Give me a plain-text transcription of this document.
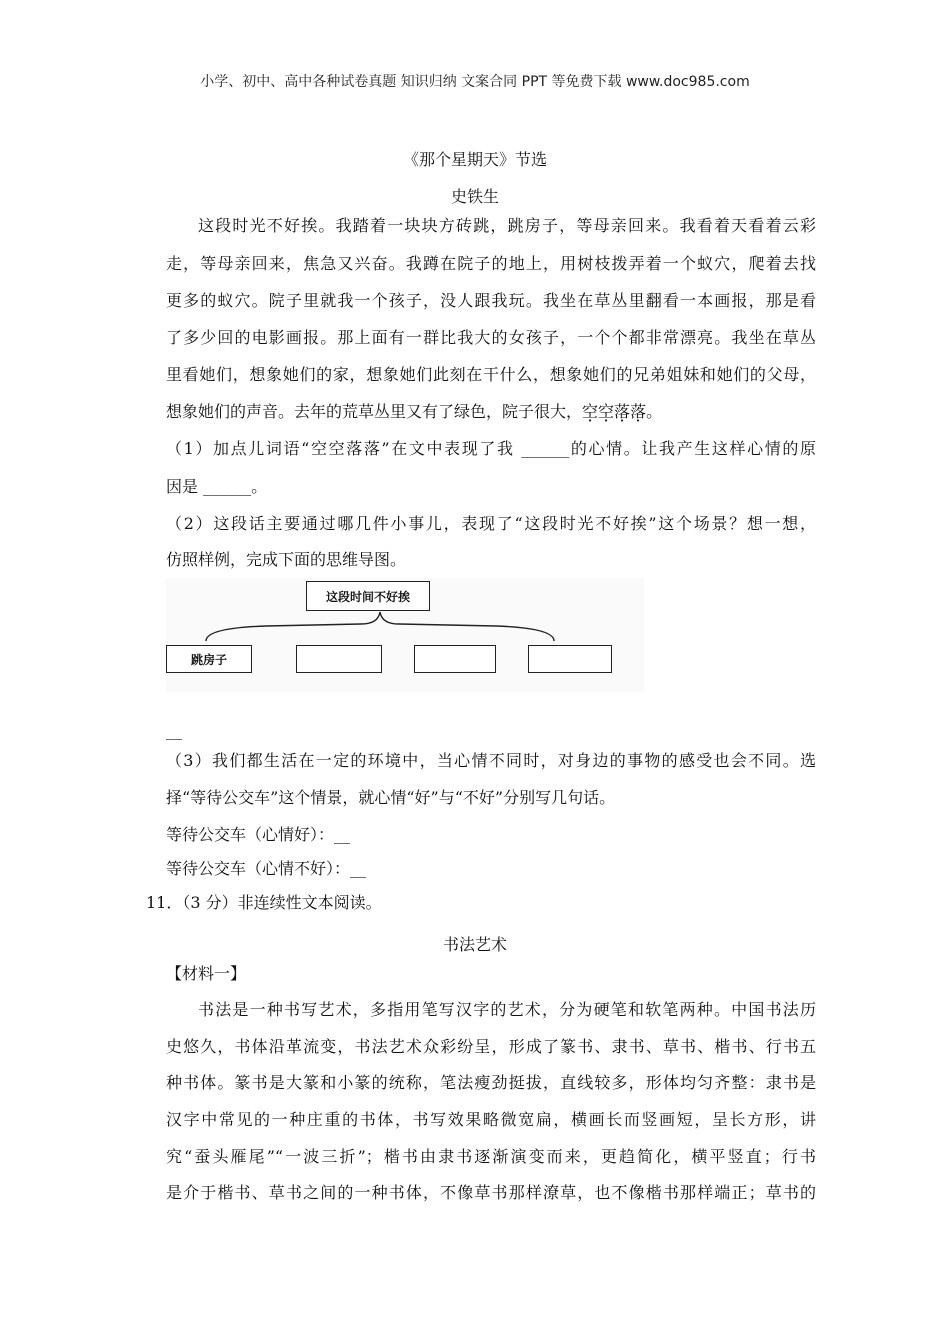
小学、初中、高中各种试卷真题 知识归纳 文案合同 PPT 等免费下载 www.doc985.com
《那个星期天》节选
史铁生
这段时光不好挨。我踏着一块块方砖跳，跳房子，等母亲回来。我看着天看着云彩
走，等母亲回来，焦急又兴奋。我蹲在院子的地上，用树枝拨弄着一个蚁穴，爬着去找
更多的蚁穴。院子里就我一个孩子，没人跟我玩。我坐在草丛里翻看一本画报，那是看
了多少回的电影画报。那上面有一群比我大的女孩子，一个个都非常漂亮。我坐在草丛
里看她们，想象她们的家，想象她们此刻在干什么，想象她们的兄弟姐妹和她们的父母，
想象她们的声音。去年的荒草丛里又有了绿色，院子很大，空空落落。
（1）加点儿词语“空空落落”在文中表现了我 ______的心情。让我产生这样心情的原
因是 ______。
（2）这段话主要通过哪几件小事儿，表现了“这段时光不好挨”这个场景？想一想，
仿照样例，完成下面的思维导图。
这段时间不好挨
跳房子
__
（3）我们都生活在一定的环境中，当心情不同时，对身边的事物的感受也会不同。选
择“等待公交车”这个情景，就心情“好”与“不好”分别写几句话。
等待公交车（心情好）：__
等待公交车（心情不好）：__
11．（3 分）非连续性文本阅读。
书法艺术
【材料一】
书法是一种书写艺术，多指用笔写汉字的艺术，分为硬笔和软笔两种。中国书法历
史悠久，书体沿革流变，书法艺术众彩纷呈，形成了篆书、隶书、草书、楷书、行书五
种书体。篆书是大篆和小篆的统称，笔法瘦劲挺拔，直线较多，形体均匀齐整：隶书是
汉字中常见的一种庄重的书体，书写效果略微宽扁，横画长而竖画短，呈长方形，讲
究“蚕头雁尾”“一波三折”；楷书由隶书逐渐演变而来，更趋简化，横平竖直；行书
是介于楷书、草书之间的一种书体，不像草书那样潦草，也不像楷书那样端正；草书的
